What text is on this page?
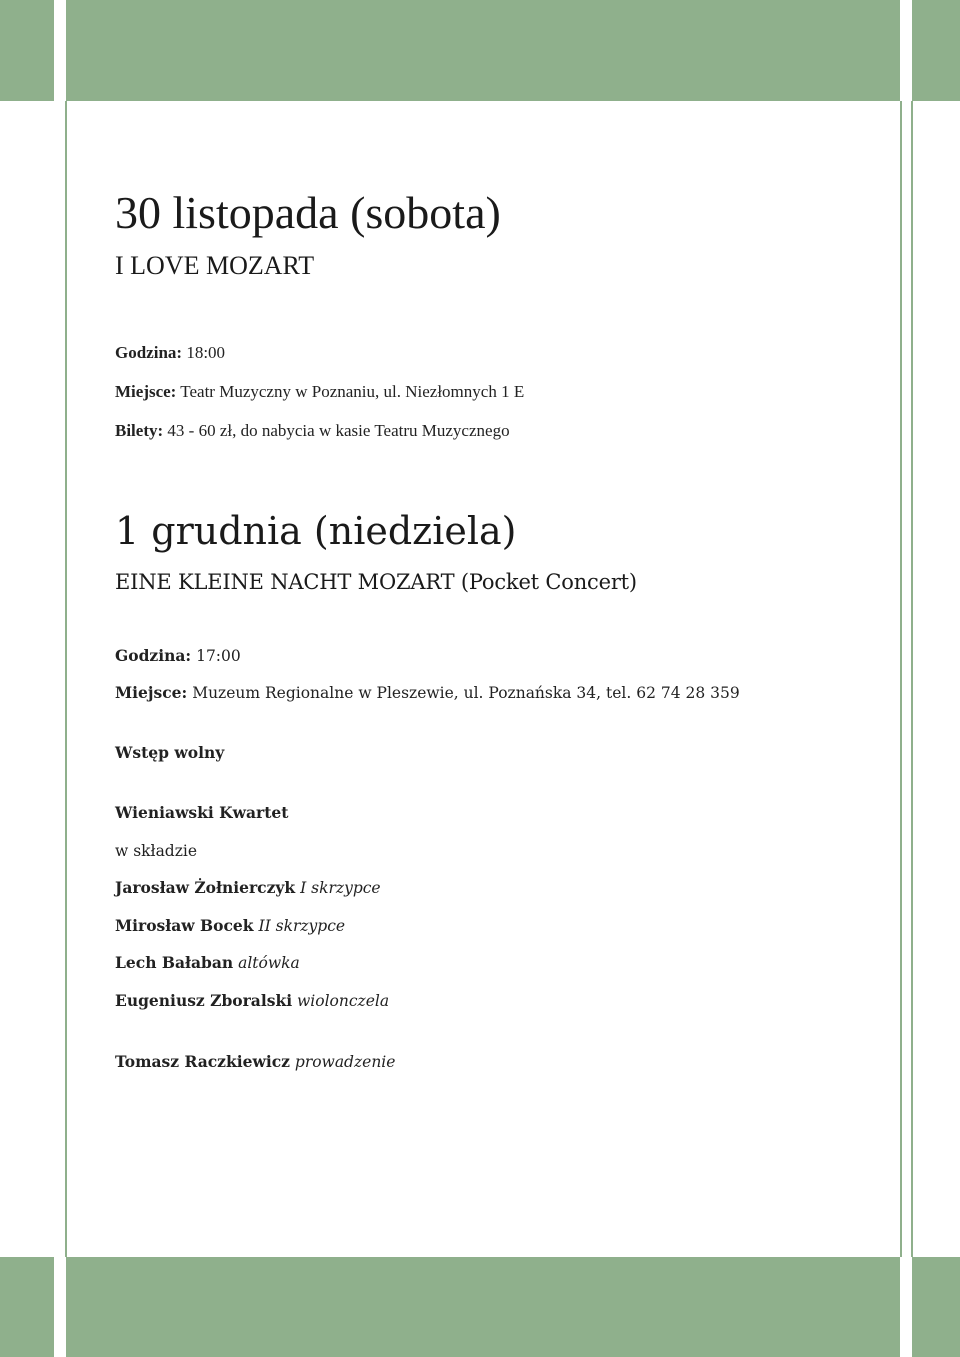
30 listopada (sobota)
I LOVE MOZART
Godzina: 18:00
Miejsce: Teatr Muzyczny w Poznaniu, ul. Niezłomnych 1 E
Bilety: 43 - 60 zł, do nabycia w kasie Teatru Muzycznego
1 grudnia (niedziela)
EINE KLEINE NACHT MOZART (Pocket Concert)
Godzina: 17:00
Miejsce: Muzeum Regionalne w Pleszewie, ul. Poznańska 34, tel. 62 74 28 359
Wstęp wolny
Wieniawski Kwartet
w składzie
Jarosław Żołnierczyk I skrzypce
Mirosław Bocek II skrzypce
Lech Bałaban altówka
Eugeniusz Zboralski wiolonczela
Tomasz Raczkiewicz prowadzenie
